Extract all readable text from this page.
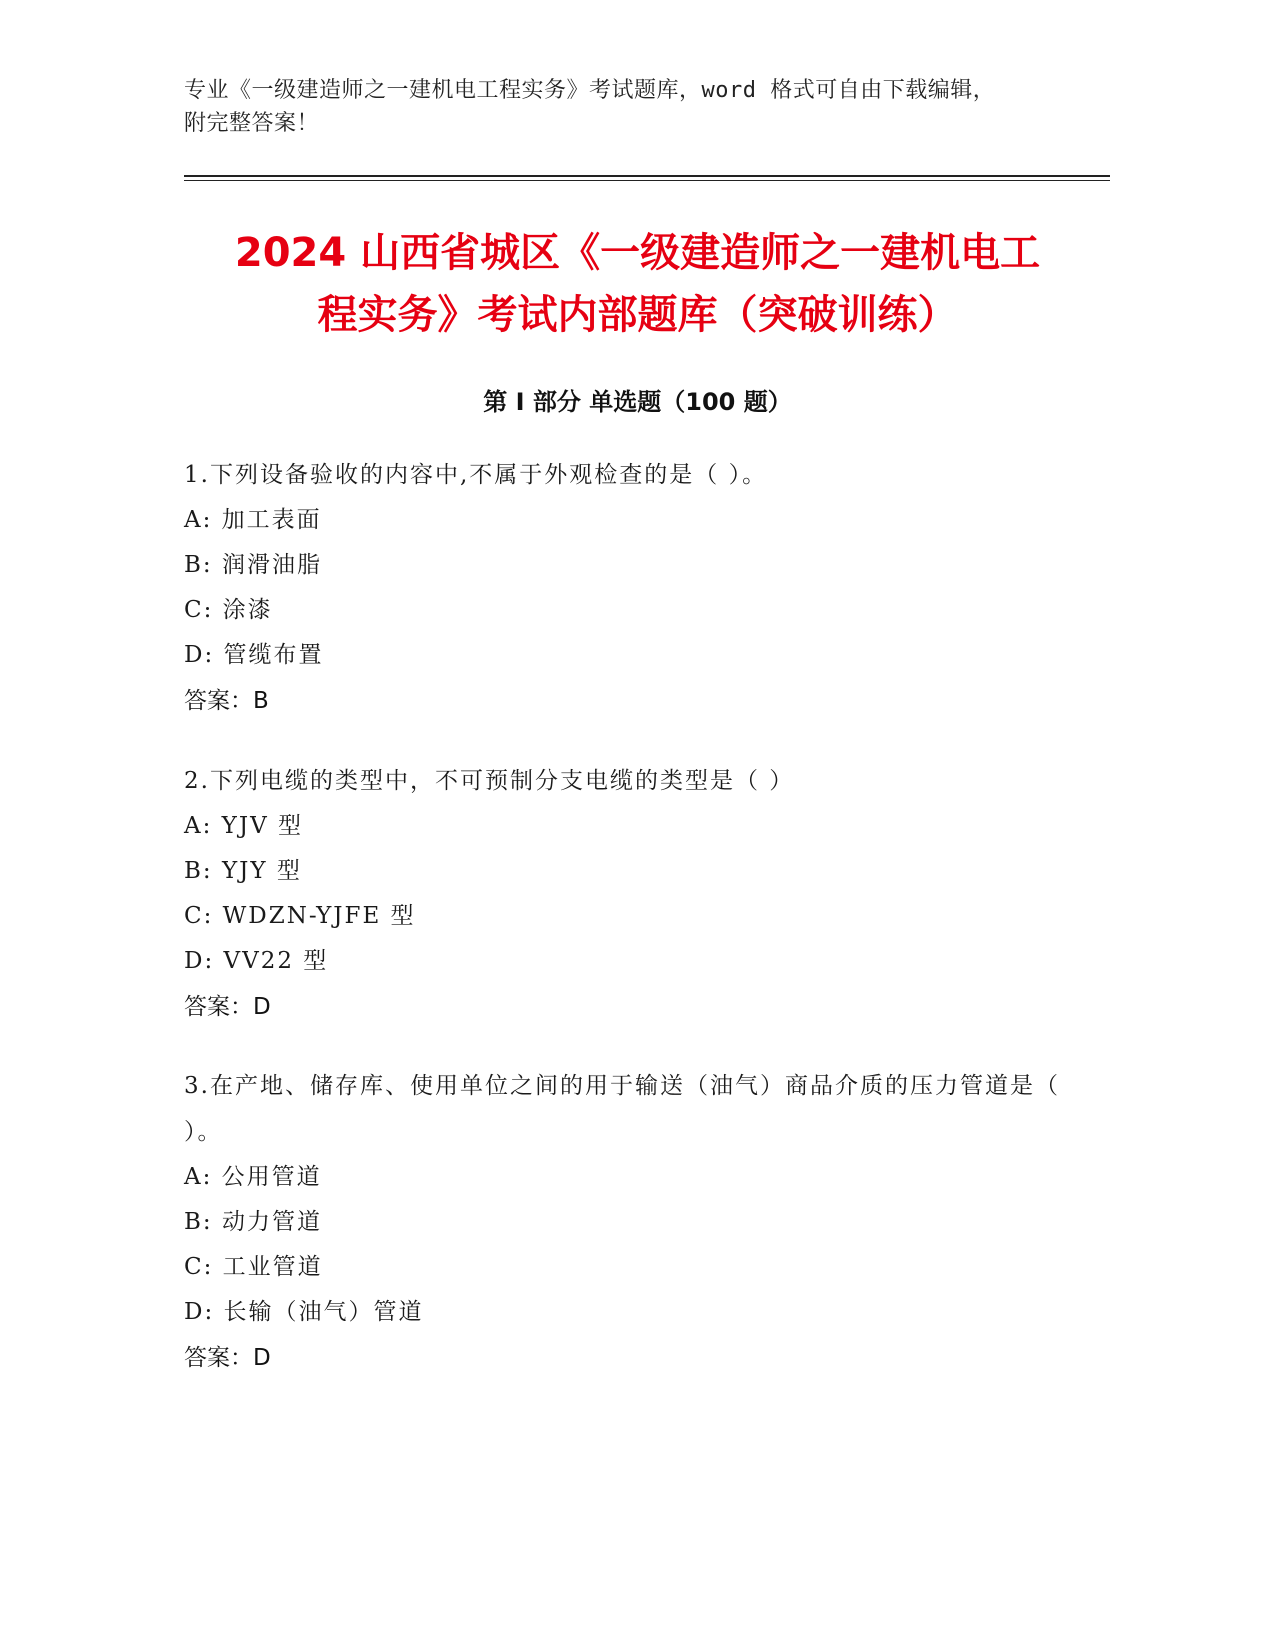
专业《一级建造师之一建机电工程实务》考试题库，word 格式可自由下载编辑，
附完整答案！
2024 山西省城区《一级建造师之一建机电工
程实务》考试内部题库（突破训练）
第 I 部分 单选题（100 题）
1.下列设备验收的内容中,不属于外观检查的是（ ）。
A: 加工表面
B: 润滑油脂
C: 涂漆
D: 管缆布置
答案：B
2.下列电缆的类型中，不可预制分支电缆的类型是（ ）
A: YJV 型
B: YJY 型
C: WDZN-YJFE 型
D: VV22 型
答案：D
3.在产地、储存库、使用单位之间的用于输送（油气）商品介质的压力管道是（ ）。
A: 公用管道
B: 动力管道
C: 工业管道
D: 长输（油气）管道
答案：D
